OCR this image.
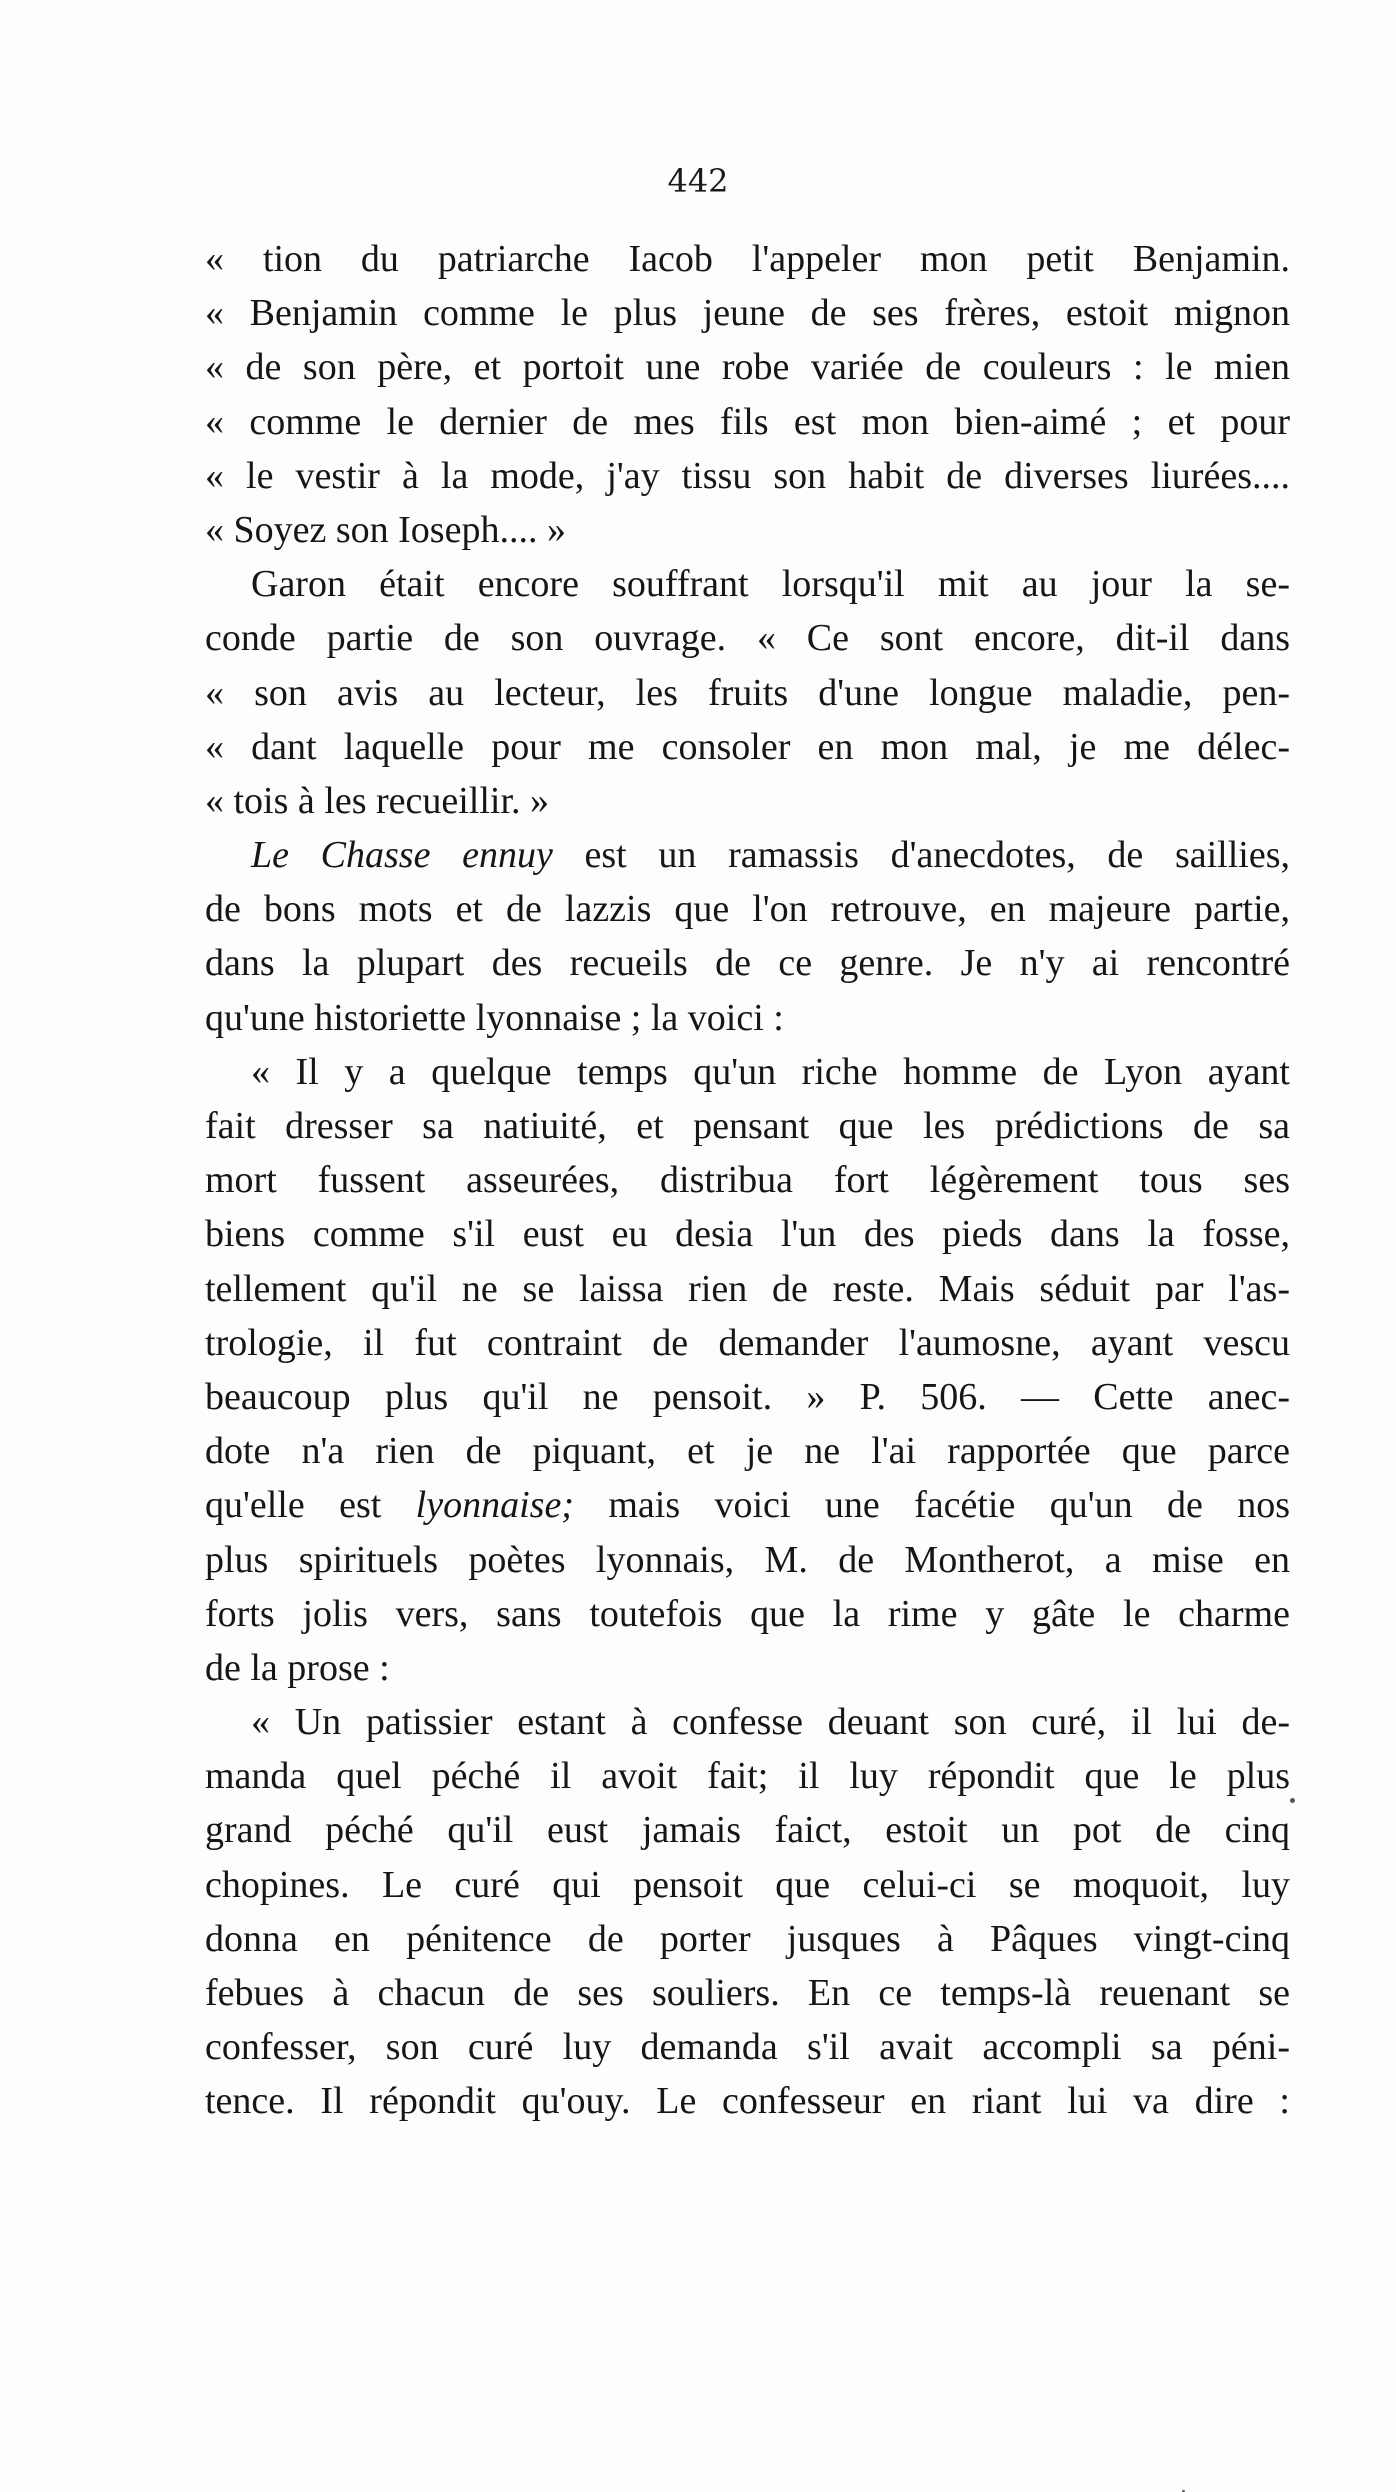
442
« tion du patriarche Iacob l'appeler mon petit Benjamin.
« Benjamin comme le plus jeune de ses frères, estoit mignon
« de son père, et portoit une robe variée de couleurs : le mien
« comme le dernier de mes fils est mon bien-aimé ; et pour
« le vestir à la mode, j'ay tissu son habit de diverses liurées....
« Soyez son Ioseph.... »
Garon était encore souffrant lorsqu'il mit au jour la se-
conde partie de son ouvrage. « Ce sont encore, dit-il dans
« son avis au lecteur, les fruits d'une longue maladie, pen-
« dant laquelle pour me consoler en mon mal, je me délec-
« tois à les recueillir. »
Le Chasse ennuy est un ramassis d'anecdotes, de saillies,
de bons mots et de lazzis que l'on retrouve, en majeure partie,
dans la plupart des recueils de ce genre. Je n'y ai rencontré
qu'une historiette lyonnaise ; la voici :
« Il y a quelque temps qu'un riche homme de Lyon ayant
fait dresser sa natiuité, et pensant que les prédictions de sa
mort fussent asseurées, distribua fort légèrement tous ses
biens comme s'il eust eu desia l'un des pieds dans la fosse,
tellement qu'il ne se laissa rien de reste. Mais séduit par l'as-
trologie, il fut contraint de demander l'aumosne, ayant vescu
beaucoup plus qu'il ne pensoit. » P. 506. — Cette anec-
dote n'a rien de piquant, et je ne l'ai rapportée que parce
qu'elle est lyonnaise; mais voici une facétie qu'un de nos
plus spirituels poètes lyonnais, M. de Montherot, a mise en
forts jolis vers, sans toutefois que la rime y gâte le charme
de la prose :
« Un patissier estant à confesse deuant son curé, il lui de-
manda quel péché il avoit fait; il luy répondit que le plus
grand péché qu'il eust jamais faict, estoit un pot de cinq
chopines. Le curé qui pensoit que celui-ci se moquoit, luy
donna en pénitence de porter jusques à Pâques vingt-cinq
febues à chacun de ses souliers. En ce temps-là reuenant se
confesser, son curé luy demanda s'il avait accompli sa péni-
tence. Il répondit qu'ouy. Le confesseur en riant lui va dire :
